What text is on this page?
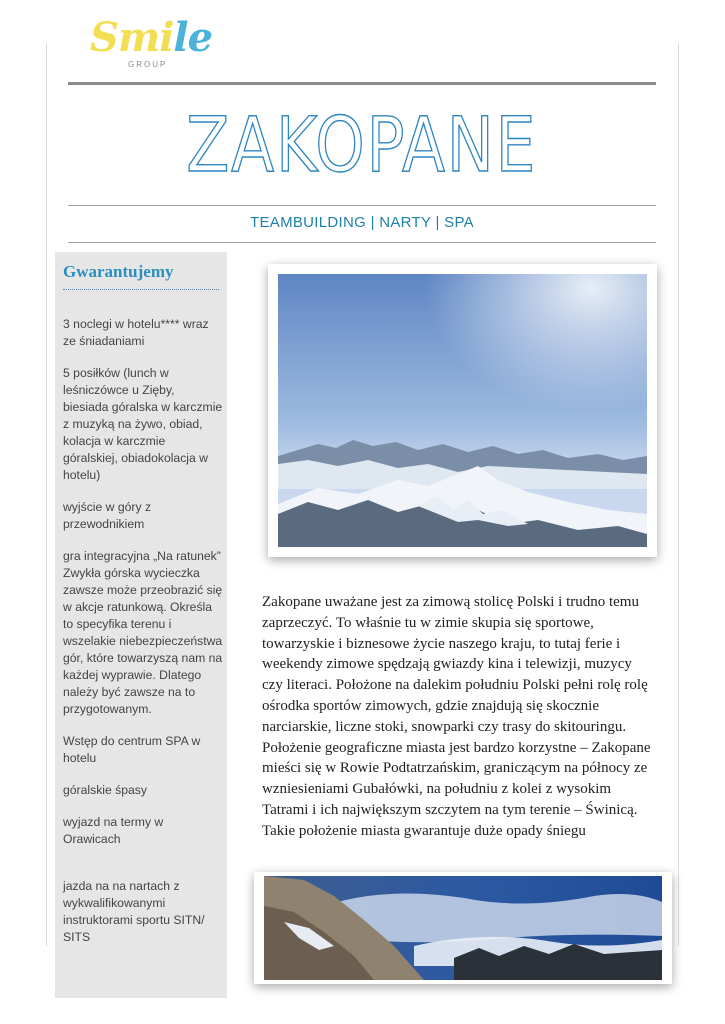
Smile
GROUP
ZAKOPANE
TEAMBUILDING | NARTY | SPA
Gwarantujemy
3 noclegi w hotelu**** wraz ze śniadaniami
5 posiłków (lunch w leśniczówce u Zięby, biesiada góralska w karczmie z muzyką na żywo, obiad, kolacja w karczmie góralskiej, obiadokolacja w hotelu)
wyjście w góry z przewodnikiem
gra integracyjna „Na ratunek” Zwykła górska wycieczka zawsze może przeobrazić się w akcje ratunkową. Określa to specyfika terenu i wszelakie niebezpieczeństwa gór, które towarzyszą nam na każdej wyprawie. Dlatego należy być zawsze na to przygotowanym.
Wstęp do centrum SPA w hotelu
góralskie śpasy
wyjazd na termy w Orawicach
jazda na na nartach z wykwalifikowanymi instruktorami sportu SITN/ SITS

Zakopane uważane jest za zimową stolicę Polski i trudno temu zaprzeczyć. To właśnie tu w zimie skupia się sportowe, towarzyskie i biznesowe życie naszego kraju, to tutaj ferie i weekendy zimowe spędzają gwiazdy kina i telewizji, muzycy czy literaci. Położone na dalekim południu Polski pełni rolę rolę ośrodka sportów zimowych, gdzie znajdują się skocznie narciarskie, liczne stoki, snowparki czy trasy do skitouringu. Położenie geograficzne miasta jest bardzo korzystne – Zakopane mieści się w Rowie Podtatrzańskim, graniczącym na północy ze wzniesieniami Gubałówki, na południu z kolei z wysokim Tatrami i ich największym szczytem na tym terenie – Świnicą. Takie położenie miasta gwarantuje duże opady śniegu
